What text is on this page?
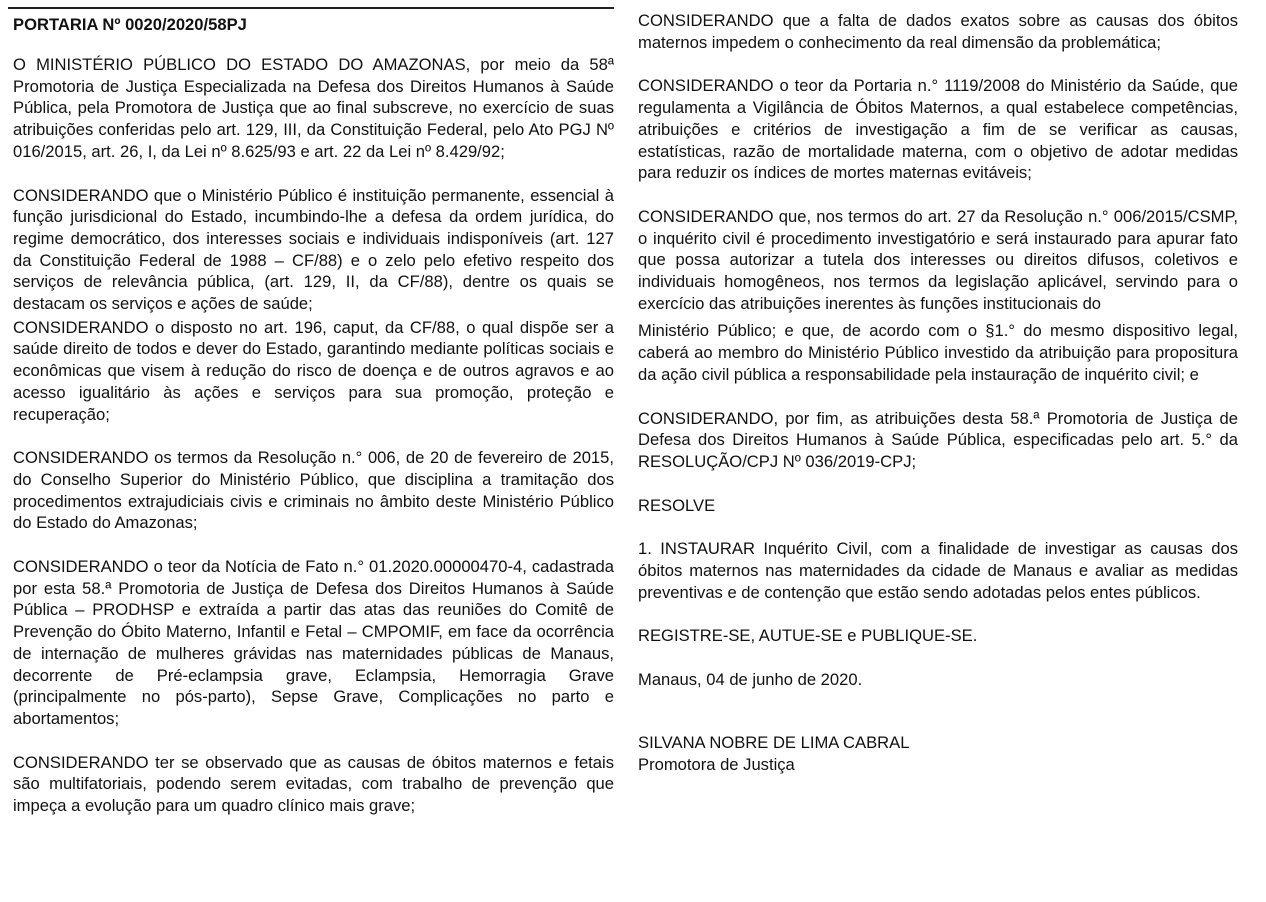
PORTARIA Nº 0020/2020/58PJ

O MINISTÉRIO PÚBLICO DO ESTADO DO AMAZONAS, por meio da 58ª Promotoria de Justiça Especializada na Defesa dos Direitos Humanos à Saúde Pública, pela Promotora de Justiça que ao final subscreve, no exercício de suas atribuições conferidas pelo art. 129, III, da Constituição Federal, pelo Ato PGJ Nº 016/2015, art. 26, I, da Lei nº 8.625/93 e art. 22 da Lei nº 8.429/92;

CONSIDERANDO que o Ministério Público é instituição permanente, essencial à função jurisdicional do Estado, incumbindo-lhe a defesa da ordem jurídica, do regime democrático, dos interesses sociais e individuais indisponíveis (art. 127 da Constituição Federal de 1988 – CF/88) e o zelo pelo efetivo respeito dos serviços de relevância pública, (art. 129, II, da CF/88), dentre os quais se destacam os serviços e ações de saúde;

CONSIDERANDO o disposto no art. 196, caput, da CF/88, o qual dispõe ser a saúde direito de todos e dever do Estado, garantindo mediante políticas sociais e econômicas que visem à redução do risco de doença e de outros agravos e ao acesso igualitário às ações e serviços para sua promoção, proteção e recuperação;

CONSIDERANDO os termos da Resolução n.° 006, de 20 de fevereiro de 2015, do Conselho Superior do Ministério Público, que disciplina a tramitação dos procedimentos extrajudiciais civis e criminais no âmbito deste Ministério Público do Estado do Amazonas;

CONSIDERANDO o teor da Notícia de Fato n.° 01.2020.00000470-4, cadastrada por esta 58.ª Promotoria de Justiça de Defesa dos Direitos Humanos à Saúde Pública – PRODHSP e extraída a partir das atas das reuniões do Comitê de Prevenção do Óbito Materno, Infantil e Fetal – CMPOMIF, em face da ocorrência de internação de mulheres grávidas nas maternidades públicas de Manaus, decorrente de Pré-eclampsia grave, Eclampsia, Hemorragia Grave (principalmente no pós-parto), Sepse Grave, Complicações no parto e abortamentos;

CONSIDERANDO ter se observado que as causas de óbitos maternos e fetais são multifatoriais, podendo serem evitadas, com trabalho de prevenção que impeça a evolução para um quadro clínico mais grave;

CONSIDERANDO que a falta de dados exatos sobre as causas dos óbitos maternos impedem o conhecimento da real dimensão da problemática;

CONSIDERANDO o teor da Portaria n.° 1119/2008 do Ministério da Saúde, que regulamenta a Vigilância de Óbitos Maternos, a qual estabelece competências, atribuições e critérios de investigação a fim de se verificar as causas, estatísticas, razão de mortalidade materna, com o objetivo de adotar medidas para reduzir os índices de mortes maternas evitáveis;

CONSIDERANDO que, nos termos do art. 27 da Resolução n.° 006/2015/CSMP, o inquérito civil é procedimento investigatório e será instaurado para apurar fato que possa autorizar a tutela dos interesses ou direitos difusos, coletivos e individuais homogêneos, nos termos da legislação aplicável, servindo para o exercício das atribuições inerentes às funções institucionais do

Ministério Público; e que, de acordo com o §1.° do mesmo dispositivo legal, caberá ao membro do Ministério Público investido da atribuição para propositura da ação civil pública a responsabilidade pela instauração de inquérito civil; e

CONSIDERANDO, por fim, as atribuições desta 58.ª Promotoria de Justiça de Defesa dos Direitos Humanos à Saúde Pública, especificadas pelo art. 5.° da RESOLUÇÃO/CPJ Nº 036/2019-CPJ;

RESOLVE

1. INSTAURAR Inquérito Civil, com a finalidade de investigar as causas dos óbitos maternos nas maternidades da cidade de Manaus e avaliar as medidas preventivas e de contenção que estão sendo adotadas pelos entes públicos.

REGISTRE-SE, AUTUE-SE e PUBLIQUE-SE.

Manaus, 04 de junho de 2020.

SILVANA NOBRE DE LIMA CABRAL

Promotora de Justiça
